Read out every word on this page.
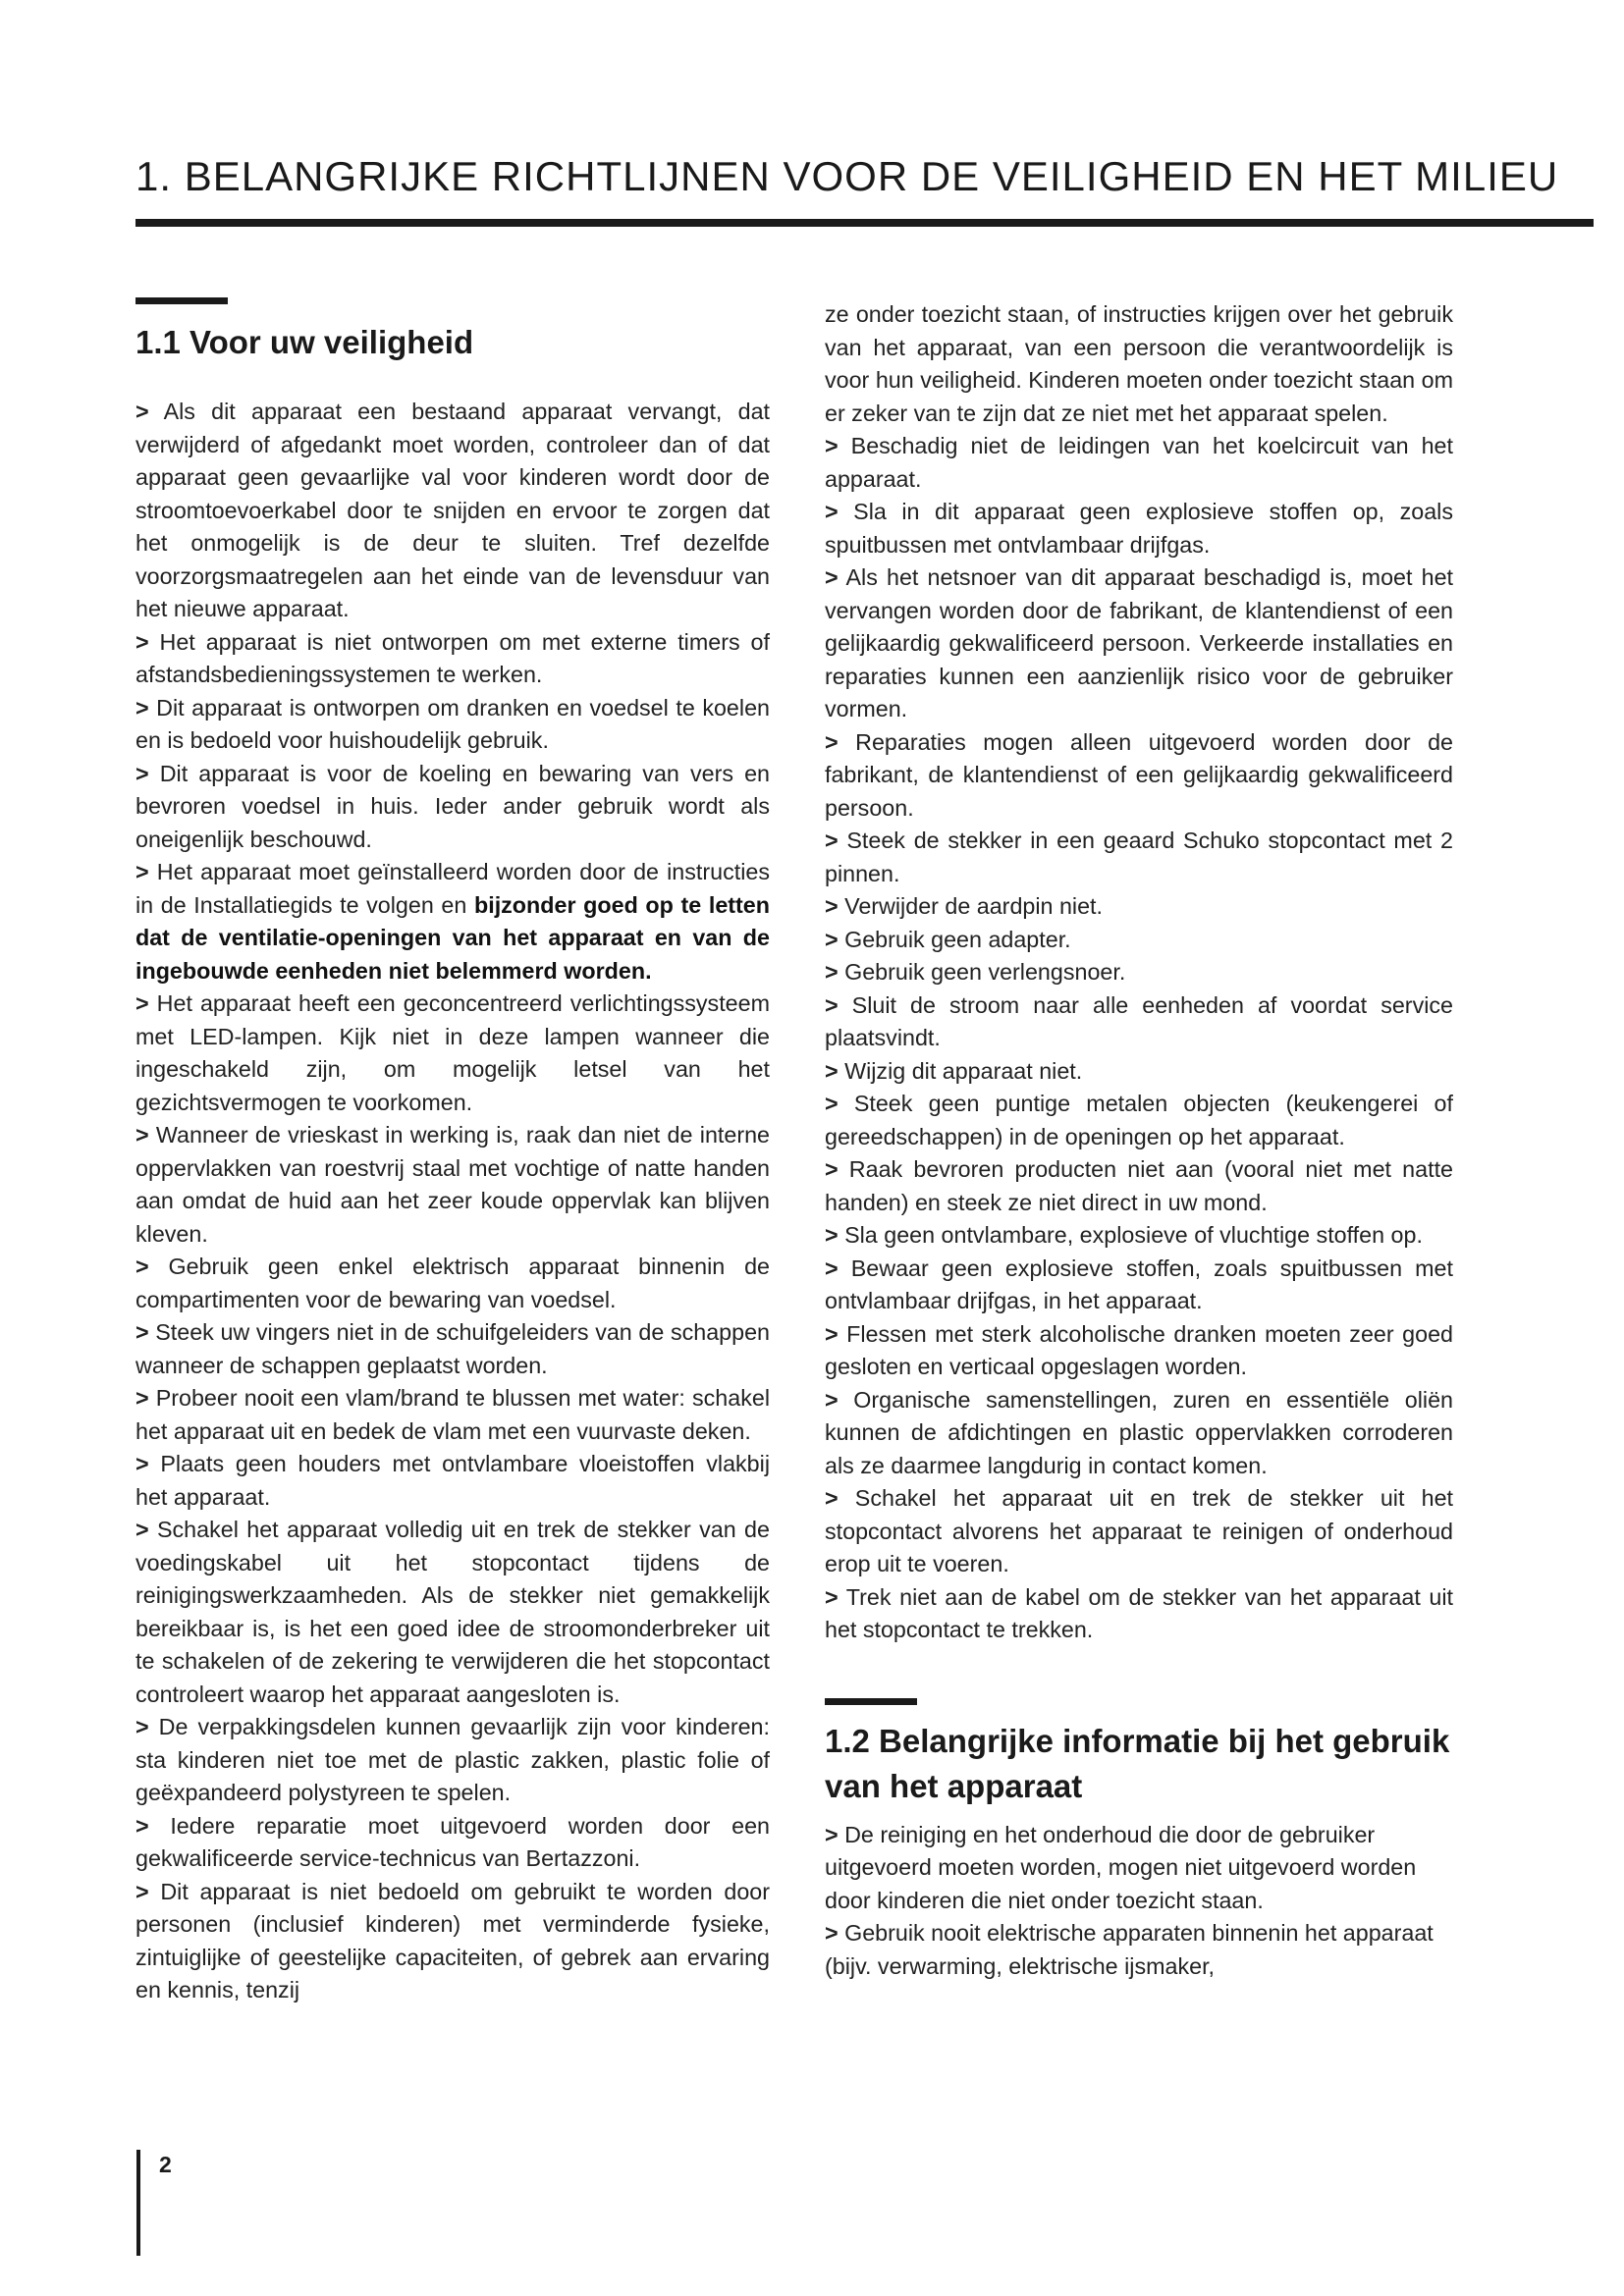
1. BELANGRIJKE RICHTLIJNEN VOOR DE VEILIGHEID EN HET MILIEU
1.1 Voor uw veiligheid

> Als dit apparaat een bestaand apparaat vervangt, dat verwijderd of afgedankt moet worden, controleer dan of dat apparaat geen gevaarlijke val voor kinderen wordt door de stroomtoevoerkabel door te snijden en ervoor te zorgen dat het onmogelijk is de deur te sluiten. Tref dezelfde voorzorgsmaatregelen aan het einde van de levensduur van het nieuwe apparaat.

> Het apparaat is niet ontworpen om met externe timers of afstandsbedieningssystemen te werken.

> Dit apparaat is ontworpen om dranken en voedsel te koelen en is bedoeld voor huishoudelijk gebruik.

> Dit apparaat is voor de koeling en bewaring van vers en bevroren voedsel in huis. Ieder ander gebruik wordt als oneigenlijk beschouwd.

> Het apparaat moet geïnstalleerd worden door de instructies in de Installatiegids te volgen en bijzonder goed op te letten dat de ventilatie-openingen van het apparaat en van de ingebouwde eenheden niet belemmerd worden.

> Het apparaat heeft een geconcentreerd verlichtingssysteem met LED-lampen. Kijk niet in deze lampen wanneer die ingeschakeld zijn, om mogelijk letsel van het gezichtsvermogen te voorkomen.

> Wanneer de vrieskast in werking is, raak dan niet de interne oppervlakken van roestvrij staal met vochtige of natte handen aan omdat de huid aan het zeer koude oppervlak kan blijven kleven.

> Gebruik geen enkel elektrisch apparaat binnenin de compartimenten voor de bewaring van voedsel.

> Steek uw vingers niet in de schuifgeleiders van de schappen wanneer de schappen geplaatst worden.

> Probeer nooit een vlam/brand te blussen met water: schakel het apparaat uit en bedek de vlam met een vuurvaste deken.

> Plaats geen houders met ontvlambare vloeistoffen vlakbij het apparaat.

> Schakel het apparaat volledig uit en trek de stekker van de voedingskabel uit het stopcontact tijdens de reinigingswerkzaamheden. Als de stekker niet gemakkelijk bereikbaar is, is het een goed idee de stroomonderbreker uit te schakelen of de zekering te verwijderen die het stopcontact controleert waarop het apparaat aangesloten is.

> De verpakkingsdelen kunnen gevaarlijk zijn voor kinderen: sta kinderen niet toe met de plastic zakken, plastic folie of geëxpandeerd polystyreen te spelen.

> Iedere reparatie moet uitgevoerd worden door een gekwalificeerde service-technicus van Bertazzoni.

> Dit apparaat is niet bedoeld om gebruikt te worden door personen (inclusief kinderen) met verminderde fysieke, zintuiglijke of geestelijke capaciteiten, of gebrek aan ervaring en kennis, tenzij

ze onder toezicht staan, of instructies krijgen over het gebruik van het apparaat, van een persoon die verantwoordelijk is voor hun veiligheid. Kinderen moeten onder toezicht staan om er zeker van te zijn dat ze niet met het apparaat spelen.

> Beschadig niet de leidingen van het koelcircuit van het apparaat.

> Sla in dit apparaat geen explosieve stoffen op, zoals spuitbussen met ontvlambaar drijfgas.

> Als het netsnoer van dit apparaat beschadigd is, moet het vervangen worden door de fabrikant, de klantendienst of een gelijkaardig gekwalificeerd persoon. Verkeerde installaties en reparaties kunnen een aanzienlijk risico voor de gebruiker vormen.

> Reparaties mogen alleen uitgevoerd worden door de fabrikant, de klantendienst of een gelijkaardig gekwalificeerd persoon.

> Steek de stekker in een geaard Schuko stopcontact met 2 pinnen.

> Verwijder de aardpin niet.

> Gebruik geen adapter.

> Gebruik geen verlengsnoer.

> Sluit de stroom naar alle eenheden af voordat service plaatsvindt.

> Wijzig dit apparaat niet.

> Steek geen puntige metalen objecten (keukengerei of gereedschappen) in de openingen op het apparaat.

> Raak bevroren producten niet aan (vooral niet met natte handen) en steek ze niet direct in uw mond.

> Sla geen ontvlambare, explosieve of vluchtige stoffen op.

> Bewaar geen explosieve stoffen, zoals spuitbussen met ontvlambaar drijfgas, in het apparaat.

> Flessen met sterk alcoholische dranken moeten zeer goed gesloten en verticaal opgeslagen worden.

> Organische samenstellingen, zuren en essentiële oliën kunnen de afdichtingen en plastic oppervlakken corroderen als ze daarmee langdurig in contact komen.

> Schakel het apparaat uit en trek de stekker uit het stopcontact alvorens het apparaat te reinigen of onderhoud erop uit te voeren.

> Trek niet aan de kabel om de stekker van het apparaat uit het stopcontact te trekken.

1.2 Belangrijke informatie bij het gebruik van het apparaat

> De reiniging en het onderhoud die door de gebruiker uitgevoerd moeten worden, mogen niet uitgevoerd worden door kinderen die niet onder toezicht staan.

> Gebruik nooit elektrische apparaten binnenin het apparaat (bijv. verwarming, elektrische ijsmaker,

2
